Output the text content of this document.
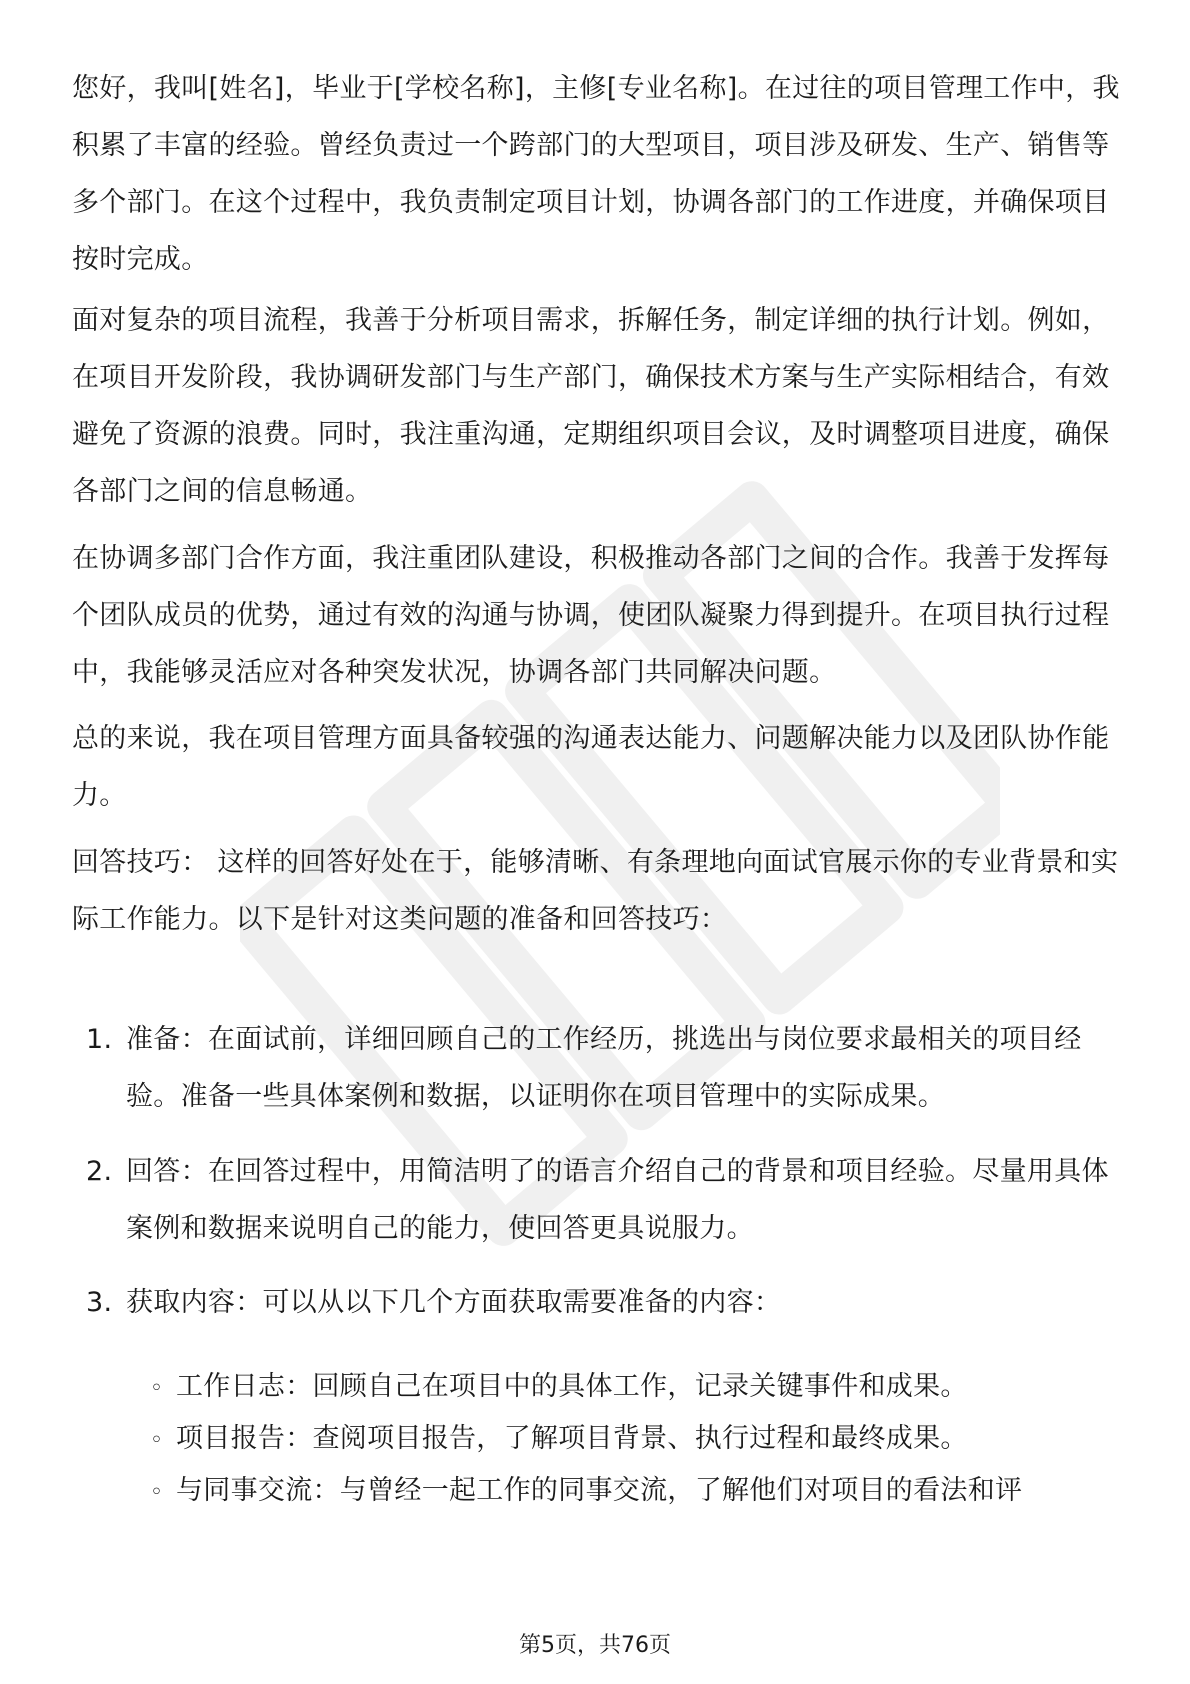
您好，我叫[姓名]，毕业于[学校名称]，主修[专业名称]。在过往的项目管理工作中，我积累了丰富的经验。曾经负责过一个跨部门的大型项目，项目涉及研发、生产、销售等多个部门。在这个过程中，我负责制定项目计划，协调各部门的工作进度，并确保项目按时完成。

面对复杂的项目流程，我善于分析项目需求，拆解任务，制定详细的执行计划。例如，在项目开发阶段，我协调研发部门与生产部门，确保技术方案与生产实际相结合，有效避免了资源的浪费。同时，我注重沟通，定期组织项目会议，及时调整项目进度，确保各部门之间的信息畅通。

在协调多部门合作方面，我注重团队建设，积极推动各部门之间的合作。我善于发挥每个团队成员的优势，通过有效的沟通与协调，使团队凝聚力得到提升。在项目执行过程中，我能够灵活应对各种突发状况，协调各部门共同解决问题。

总的来说，我在项目管理方面具备较强的沟通表达能力、问题解决能力以及团队协作能力。

回答技巧： 这样的回答好处在于，能够清晰、有条理地向面试官展示你的专业背景和实际工作能力。以下是针对这类问题的准备和回答技巧：

1. 准备：在面试前，详细回顾自己的工作经历，挑选出与岗位要求最相关的项目经验。准备一些具体案例和数据，以证明你在项目管理中的实际成果。
2. 回答：在回答过程中，用简洁明了的语言介绍自己的背景和项目经验。尽量用具体案例和数据来说明自己的能力，使回答更具说服力。
3. 获取内容：可以从以下几个方面获取需要准备的内容：
◦ 工作日志：回顾自己在项目中的具体工作，记录关键事件和成果。
◦ 项目报告：查阅项目报告，了解项目背景、执行过程和最终成果。
◦ 与同事交流：与曾经一起工作的同事交流，了解他们对项目的看法和评
第5页，共76页
